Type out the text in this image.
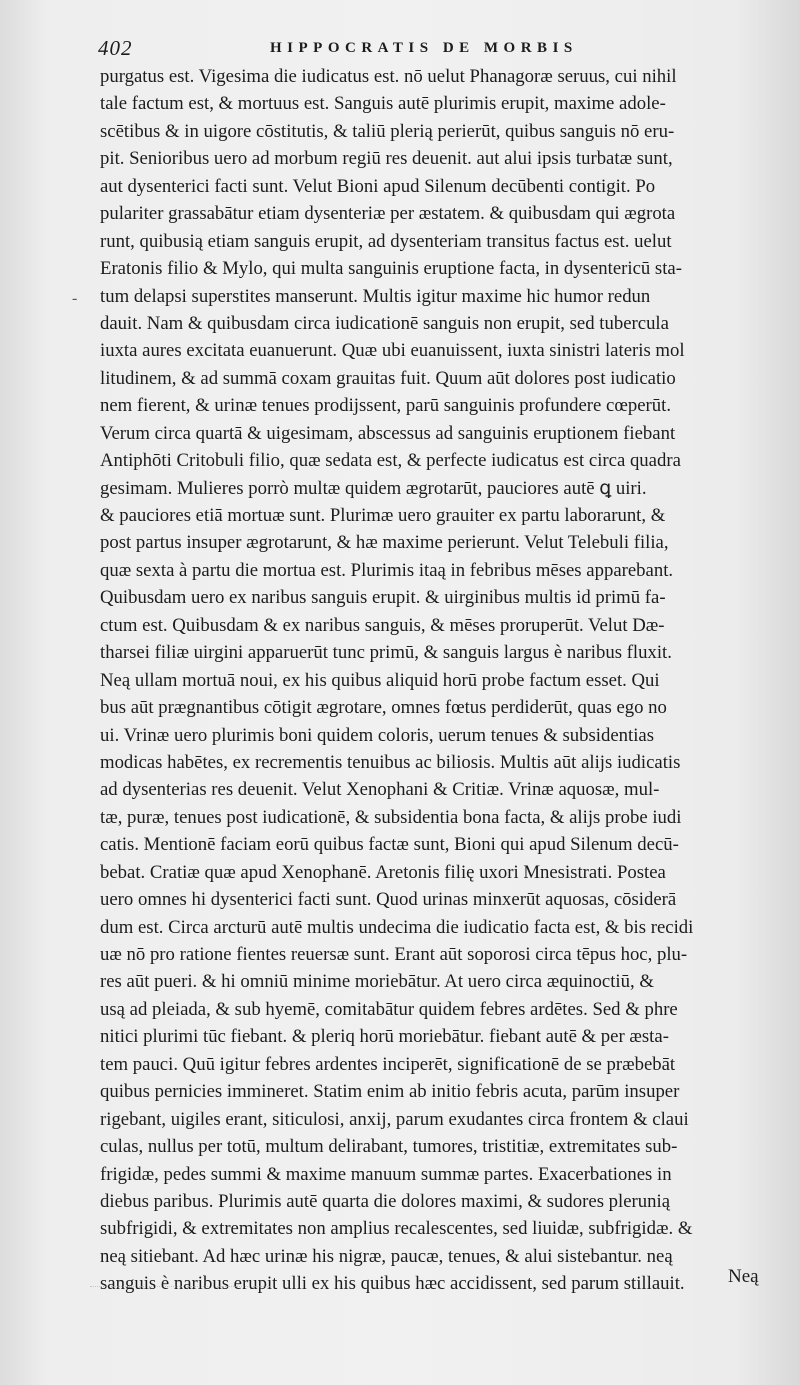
402	HIPPOCRATIS DE MORBIS
-
purgatus est. Vigesima die iudicatus est. nō uelut Phanagoræ seruus, cui nihil
tale factum est, & mortuus est. Sanguis autē plurimis erupit, maxime adole-
scētibus & in uigore cōstitutis, & taliū plerią perierūt, quibus sanguis nō eru-
pit. Senioribus uero ad morbum regiū res deuenit. aut alui ipsis turbatæ sunt,
aut dysenterici facti sunt. Velut Bioni apud Silenum decūbenti contigit. Po
pulariter grassabātur etiam dysenteriæ per æstatem. & quibusdam qui ægrota
runt, quibusią etiam sanguis erupit, ad dysenteriam transitus factus est. uelut
Eratonis filio & Mylo, qui multa sanguinis eruptione facta, in dysentericū sta-
tum delapsi superstites manserunt. Multis igitur maxime hic humor redun
dauit. Nam & quibusdam circa iudicationē sanguis non erupit, sed tubercula
iuxta aures excitata euanuerunt. Quæ ubi euanuissent, iuxta sinistri lateris mol
litudinem, & ad summā coxam grauitas fuit. Quum aūt dolores post iudicatio
nem fierent, & urinæ tenues prodijssent, parū sanguinis profundere cœperūt.
Verum circa quartā & uigesimam, abscessus ad sanguinis eruptionem fiebant
Antiphōti Critobuli filio, quæ sedata est, & perfecte iudicatus est circa quadra
gesimam. Mulieres porrò multæ quidem ægrotarūt, pauciores autē ꝗ uiri.
& pauciores etiā mortuæ sunt. Plurimæ uero grauiter ex partu laborarunt, &
post partus insuper ægrotarunt, & hæ maxime perierunt. Velut Telebuli filia,
quæ sexta à partu die mortua est. Plurimis itaą in febribus mēses apparebant.
Quibusdam uero ex naribus sanguis erupit. & uirginibus multis id primū fa-
ctum est. Quibusdam & ex naribus sanguis, & mēses proruperūt. Velut Dæ-
tharsei filiæ uirgini apparuerūt tunc primū, & sanguis largus è naribus fluxit.
Neą ullam mortuā noui, ex his quibus aliquid horū probe factum esset. Qui
bus aūt prægnantibus cōtigit ægrotare, omnes fœtus perdiderūt, quas ego no
ui. Vrinæ uero plurimis boni quidem coloris, uerum tenues & subsidentias
modicas habētes, ex recrementis tenuibus ac biliosis. Multis aūt alijs iudicatis
ad dysenterias res deuenit. Velut Xenophani & Critiæ. Vrinæ aquosæ, mul-
tæ, puræ, tenues post iudicationē, & subsidentia bona facta, & alijs probe iudi
catis. Mentionē faciam eorū quibus factæ sunt, Bioni qui apud Silenum decū-
bebat. Cratiæ quæ apud Xenophanē. Aretonis filię uxori Mnesistrati. Postea
uero omnes hi dysenterici facti sunt. Quod urinas minxerūt aquosas, cōsiderā
dum est. Circa arcturū autē multis undecima die iudicatio facta est, & bis recidi
uæ nō pro ratione fientes reuersæ sunt. Erant aūt soporosi circa tēpus hoc, plu-
res aūt pueri. & hi omniū minime moriebātur. At uero circa æquinoctiū, &
usą ad pleiada, & sub hyemē, comitabātur quidem febres ardētes. Sed & phre
nitici plurimi tūc fiebant. & pleriq horū moriebātur. fiebant autē & per æsta-
tem pauci. Quū igitur febres ardentes inciperēt, significationē de se præbebāt
quibus pernicies immineret. Statim enim ab initio febris acuta, parūm insuper
rigebant, uigiles erant, siticulosi, anxij, parum exudantes circa frontem & claui
culas, nullus per totū, multum delirabant, tumores, tristitiæ, extremitates sub-
frigidæ, pedes summi & maxime manuum summæ partes. Exacerbationes in
diebus paribus. Plurimis autē quarta die dolores maximi, & sudores plerunią
subfrigidi, & extremitates non amplius recalescentes, sed liuidæ, subfrigidæ. &
neą sitiebant. Ad hæc urinæ his nigræ, paucæ, tenues, & alui sistebantur. neą
sanguis è naribus erupit ulli ex his quibus hæc accidissent, sed parum stillauit.	Neą
